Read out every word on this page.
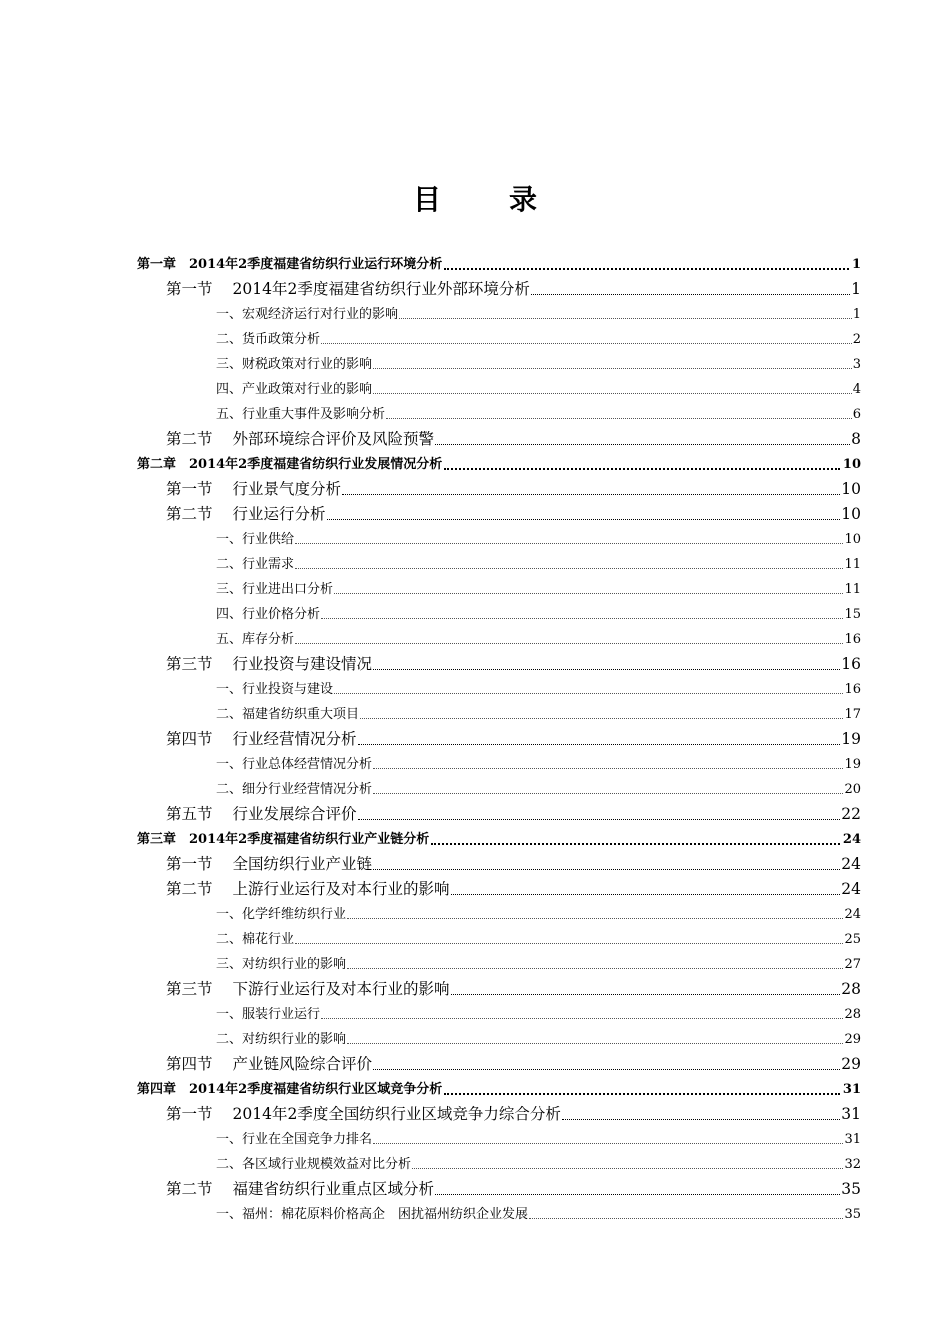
目　录
第一章　2014年2季度福建省纺织行业运行环境分析	1
第一节 2014年2季度福建省纺织行业外部环境分析	1
一、宏观经济运行对行业的影响	1
二、货币政策分析	2
三、财税政策对行业的影响	3
四、产业政策对行业的影响	4
五、行业重大事件及影响分析	6
第二节 外部环境综合评价及风险预警	8
第二章　2014年2季度福建省纺织行业发展情况分析	10
第一节 行业景气度分析	10
第二节 行业运行分析	10
一、行业供给	10
二、行业需求	11
三、行业进出口分析	11
四、行业价格分析	15
五、库存分析	16
第三节 行业投资与建设情况	16
一、行业投资与建设	16
二、福建省纺织重大项目	17
第四节 行业经营情况分析	19
一、行业总体经营情况分析	19
二、细分行业经营情况分析	20
第五节 行业发展综合评价	22
第三章　2014年2季度福建省纺织行业产业链分析	24
第一节 全国纺织行业产业链	24
第二节 上游行业运行及对本行业的影响	24
一、化学纤维纺织行业	24
二、棉花行业	25
三、对纺织行业的影响	27
第三节 下游行业运行及对本行业的影响	28
一、服装行业运行	28
二、对纺织行业的影响	29
第四节 产业链风险综合评价	29
第四章　2014年2季度福建省纺织行业区域竞争分析	31
第一节 2014年2季度全国纺织行业区域竞争力综合分析	31
一、行业在全国竞争力排名	31
二、各区域行业规模效益对比分析	32
第二节 福建省纺织行业重点区域分析	35
一、福州：棉花原料价格高企　困扰福州纺织企业发展	35
